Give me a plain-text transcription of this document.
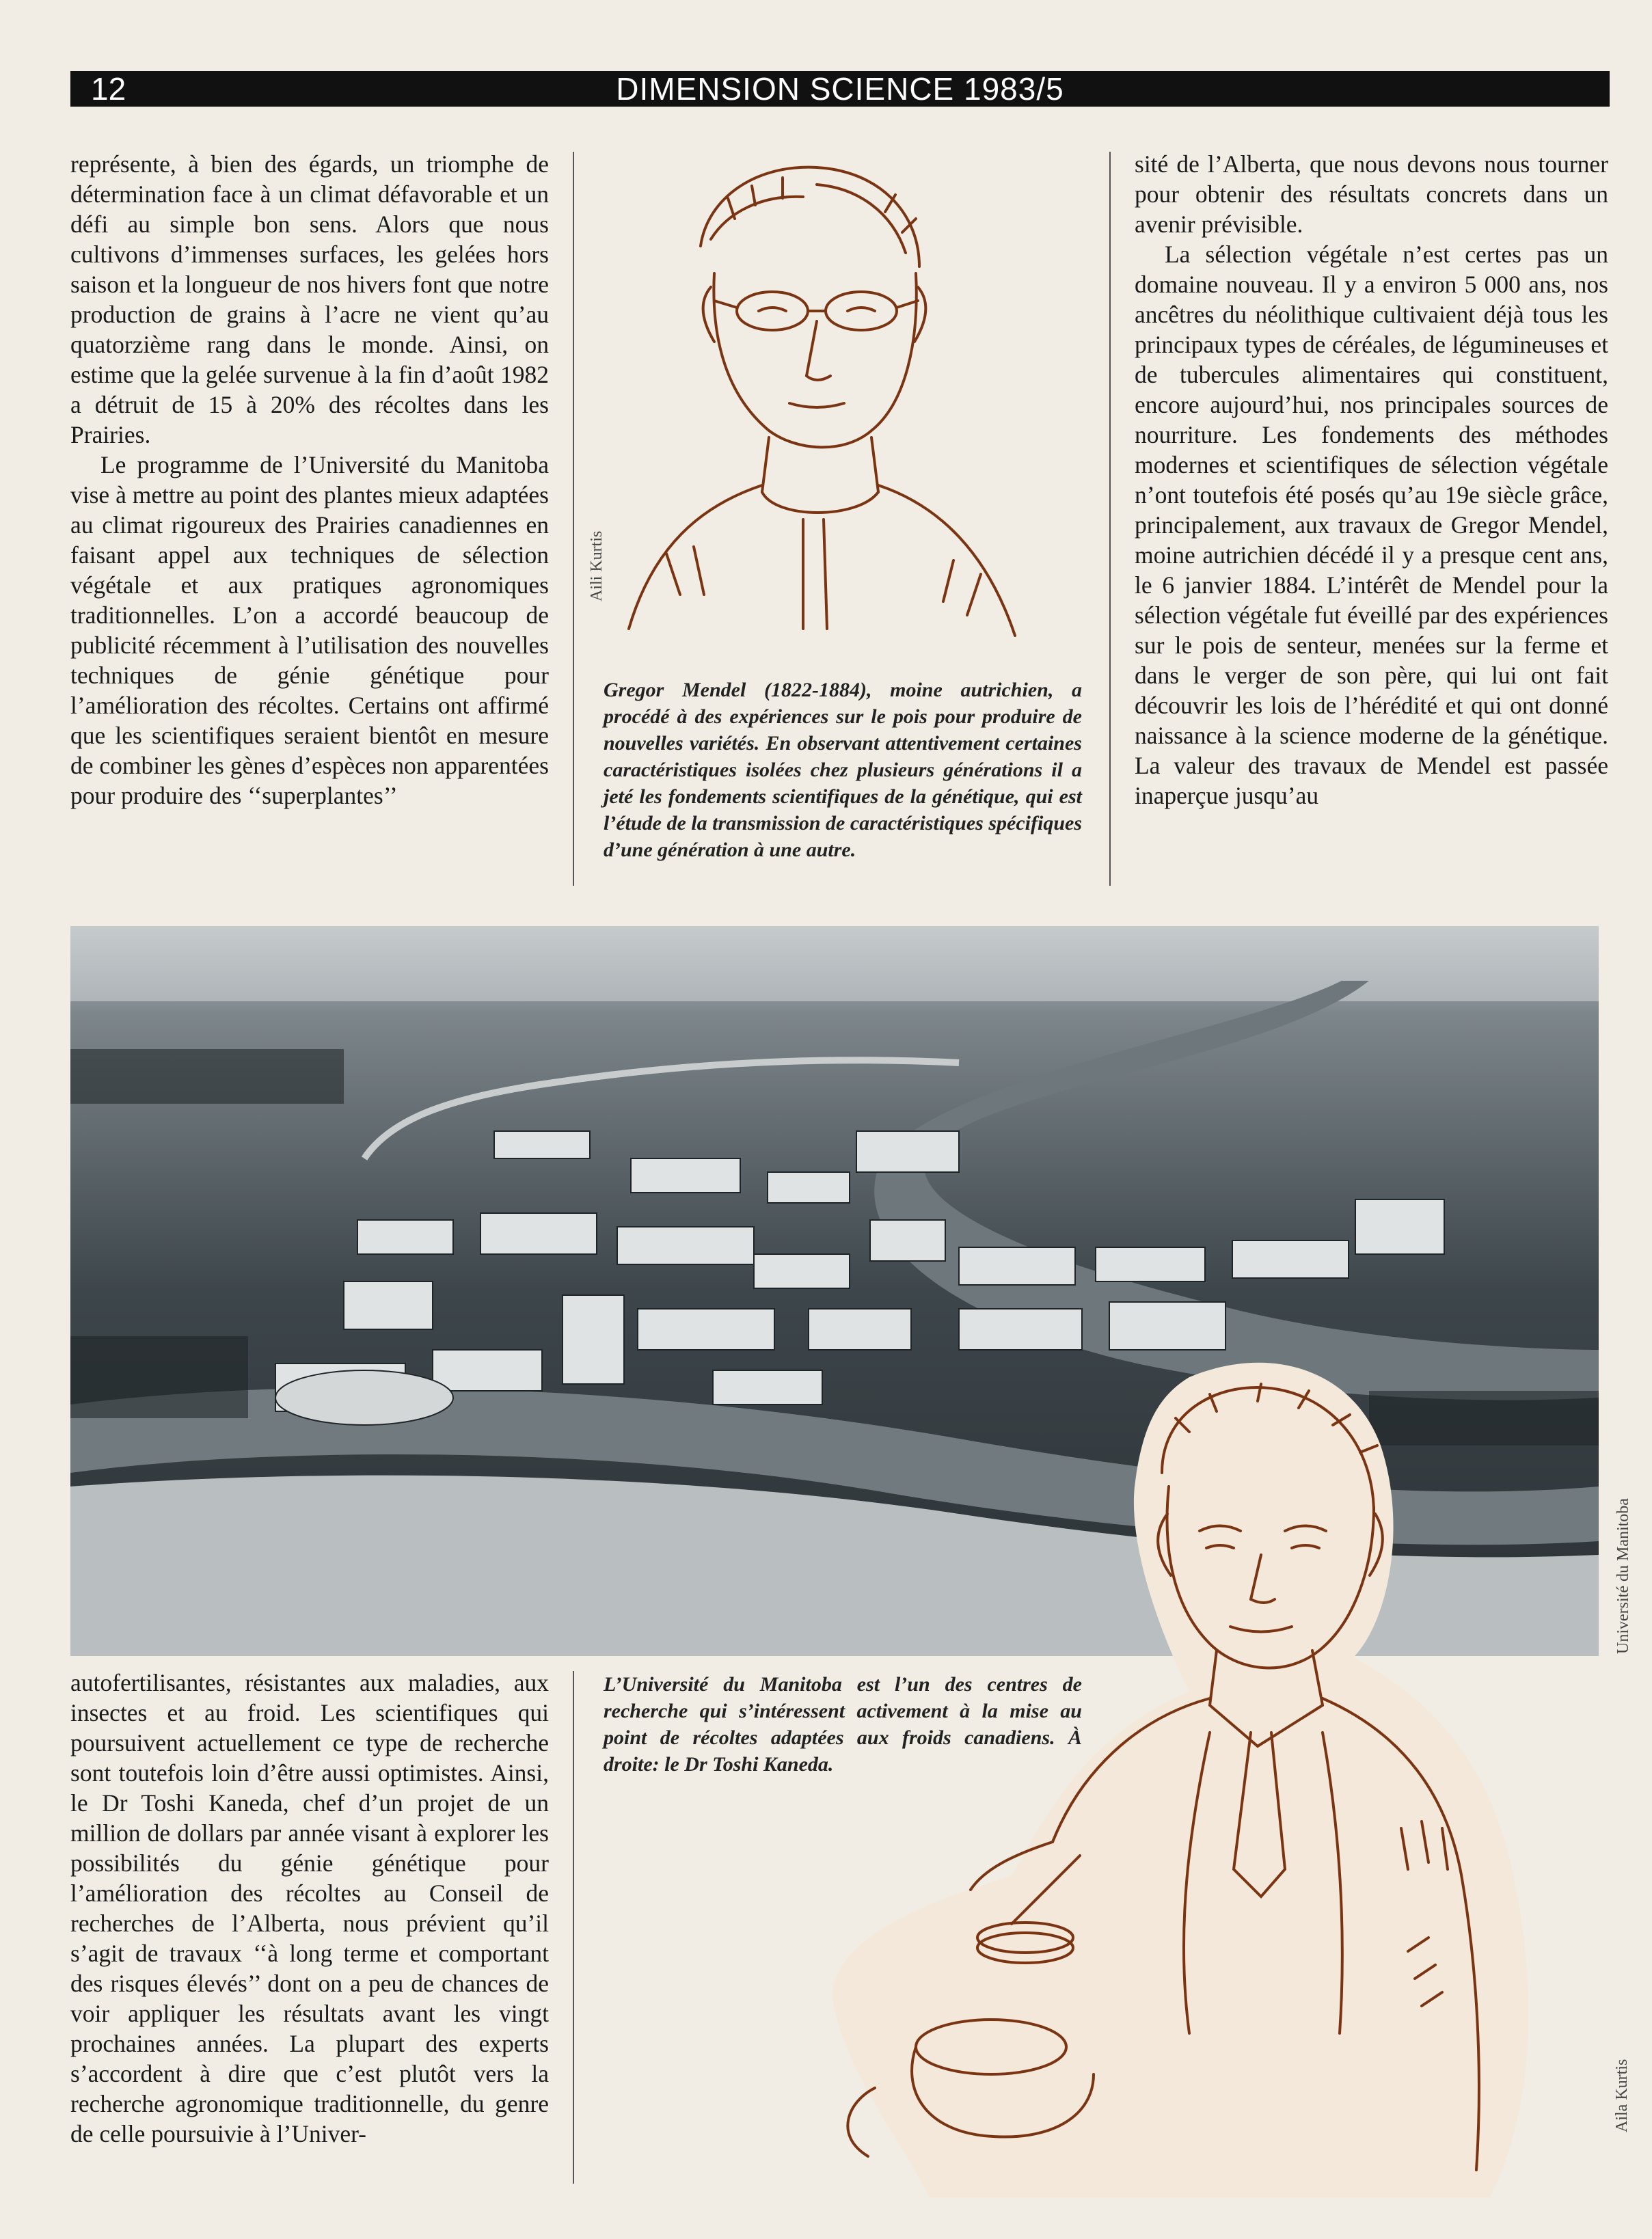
12	DIMENSION SCIENCE 1983/5

représente, à bien des égards, un triomphe de détermination face à un climat défavorable et un défi au simple bon sens. Alors que nous cultivons d’immenses surfaces, les gelées hors saison et la longueur de nos hivers font que notre production de grains à l’acre ne vient qu’au quatorzième rang dans le monde. Ainsi, on estime que la gelée survenue à la fin d’août 1982 a détruit de 15 à 20% des récoltes dans les Prairies.

Le programme de l’Université du Manitoba vise à mettre au point des plantes mieux adaptées au climat rigoureux des Prairies canadiennes en faisant appel aux techniques de sélection végétale et aux pratiques agronomiques traditionnelles. L’on a accordé beaucoup de publicité récemment à l’utilisation des nouvelles techniques de génie génétique pour l’amélioration des récoltes. Certains ont affirmé que les scientifiques seraient bientôt en mesure de combiner les gènes d’espèces non apparentées pour produire des ‘‘superplantes’’

Aili Kurtis
Gregor Mendel (1822-1884), moine autrichien, a procédé à des expériences sur le pois pour produire de nouvelles variétés. En observant attentivement certaines caractéristiques isolées chez plusieurs générations il a jeté les fondements scientifiques de la génétique, qui est l’étude de la transmission de caractéristiques spécifiques d’une génération à une autre.

sité de l’Alberta, que nous devons nous tourner pour obtenir des résultats concrets dans un avenir prévisible.

La sélection végétale n’est certes pas un domaine nouveau. Il y a environ 5 000 ans, nos ancêtres du néolithique cultivaient déjà tous les principaux types de céréales, de légumineuses et de tubercules alimentaires qui constituent, encore aujourd’hui, nos principales sources de nourriture. Les fondements des méthodes modernes et scientifiques de sélection végétale n’ont toutefois été posés qu’au 19e siècle grâce, principalement, aux travaux de Gregor Mendel, moine autrichien décédé il y a presque cent ans, le 6 janvier 1884. L’intérêt de Mendel pour la sélection végétale fut éveillé par des expériences sur le pois de senteur, menées sur la ferme et dans le verger de son père, qui lui ont fait découvrir les lois de l’hérédité et qui ont donné naissance à la science moderne de la génétique. La valeur des travaux de Mendel est passée inaperçue jusqu’au

Université du Manitoba
Aila Kurtis

autofertilisantes, résistantes aux maladies, aux insectes et au froid. Les scientifiques qui poursuivent actuellement ce type de recherche sont toutefois loin d’être aussi optimistes. Ainsi, le Dr Toshi Kaneda, chef d’un projet de un million de dollars par année visant à explorer les possibilités du génie génétique pour l’amélioration des récoltes au Conseil de recherches de l’Alberta, nous prévient qu’il s’agit de travaux ‘‘à long terme et comportant des risques élevés’’ dont on a peu de chances de voir appliquer les résultats avant les vingt prochaines années. La plupart des experts s’accordent à dire que c’est plutôt vers la recherche agronomique traditionnelle, du genre de celle poursuivie à l’Univer-

L’Université du Manitoba est l’un des centres de recherche qui s’intéressent activement à la mise au point de récoltes adaptées aux froids canadiens. À droite: le Dr Toshi Kaneda.
